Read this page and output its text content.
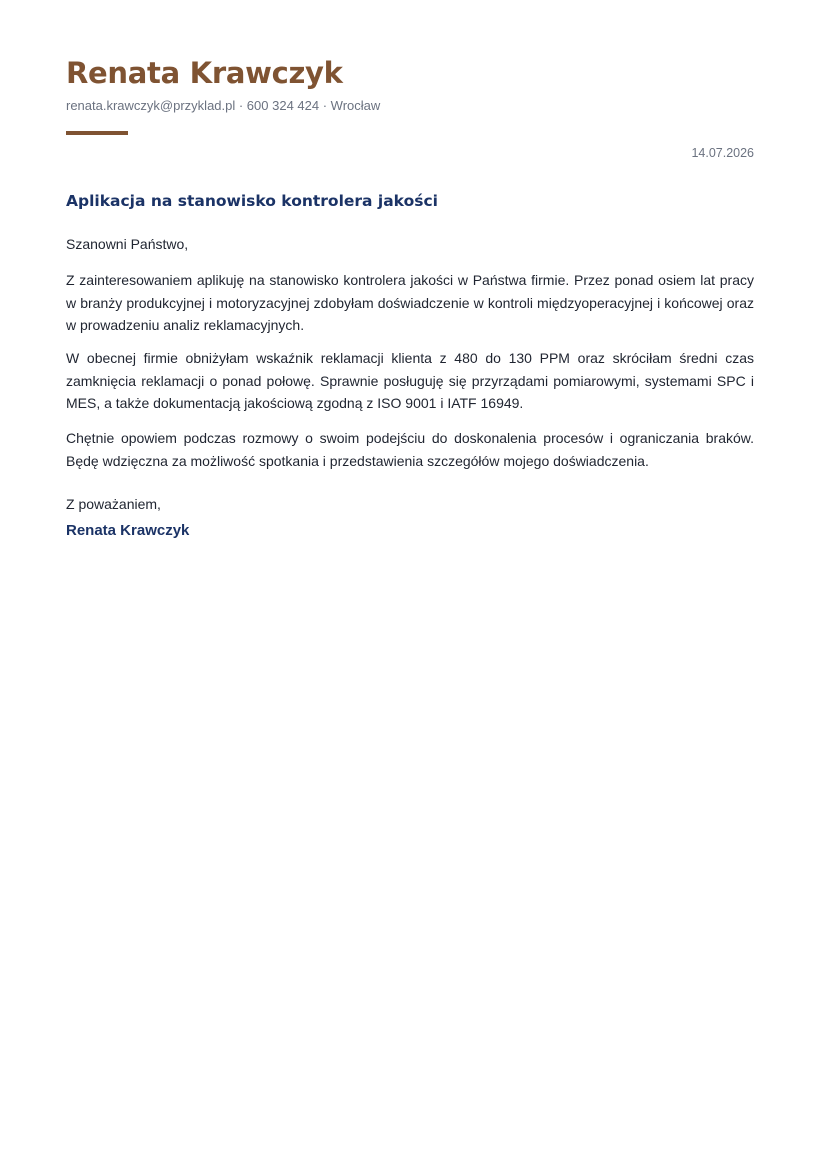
Renata Krawczyk
renata.krawczyk@przyklad.pl · 600 324 424 · Wrocław
14.07.2026
Aplikacja na stanowisko kontrolera jakości
Szanowni Państwo,

Z zainteresowaniem aplikuję na stanowisko kontrolera jakości w Państwa firmie. Przez ponad osiem lat pracy w branży produkcyjnej i motoryzacyjnej zdobyłam doświadczenie w kontroli międzyoperacyjnej i końcowej oraz w prowadzeniu analiz reklamacyjnych.

W obecnej firmie obniżyłam wskaźnik reklamacji klienta z 480 do 130 PPM oraz skróciłam średni czas zamknięcia reklamacji o ponad połowę. Sprawnie posługuję się przyrządami pomiarowymi, systemami SPC i MES, a także dokumentacją jakościową zgodną z ISO 9001 i IATF 16949.

Chętnie opowiem podczas rozmowy o swoim podejściu do doskonalenia procesów i ograniczania braków. Będę wdzięczna za możliwość spotkania i przedstawienia szczegółów mojego doświadczenia.

Z poważaniem,
Renata Krawczyk
